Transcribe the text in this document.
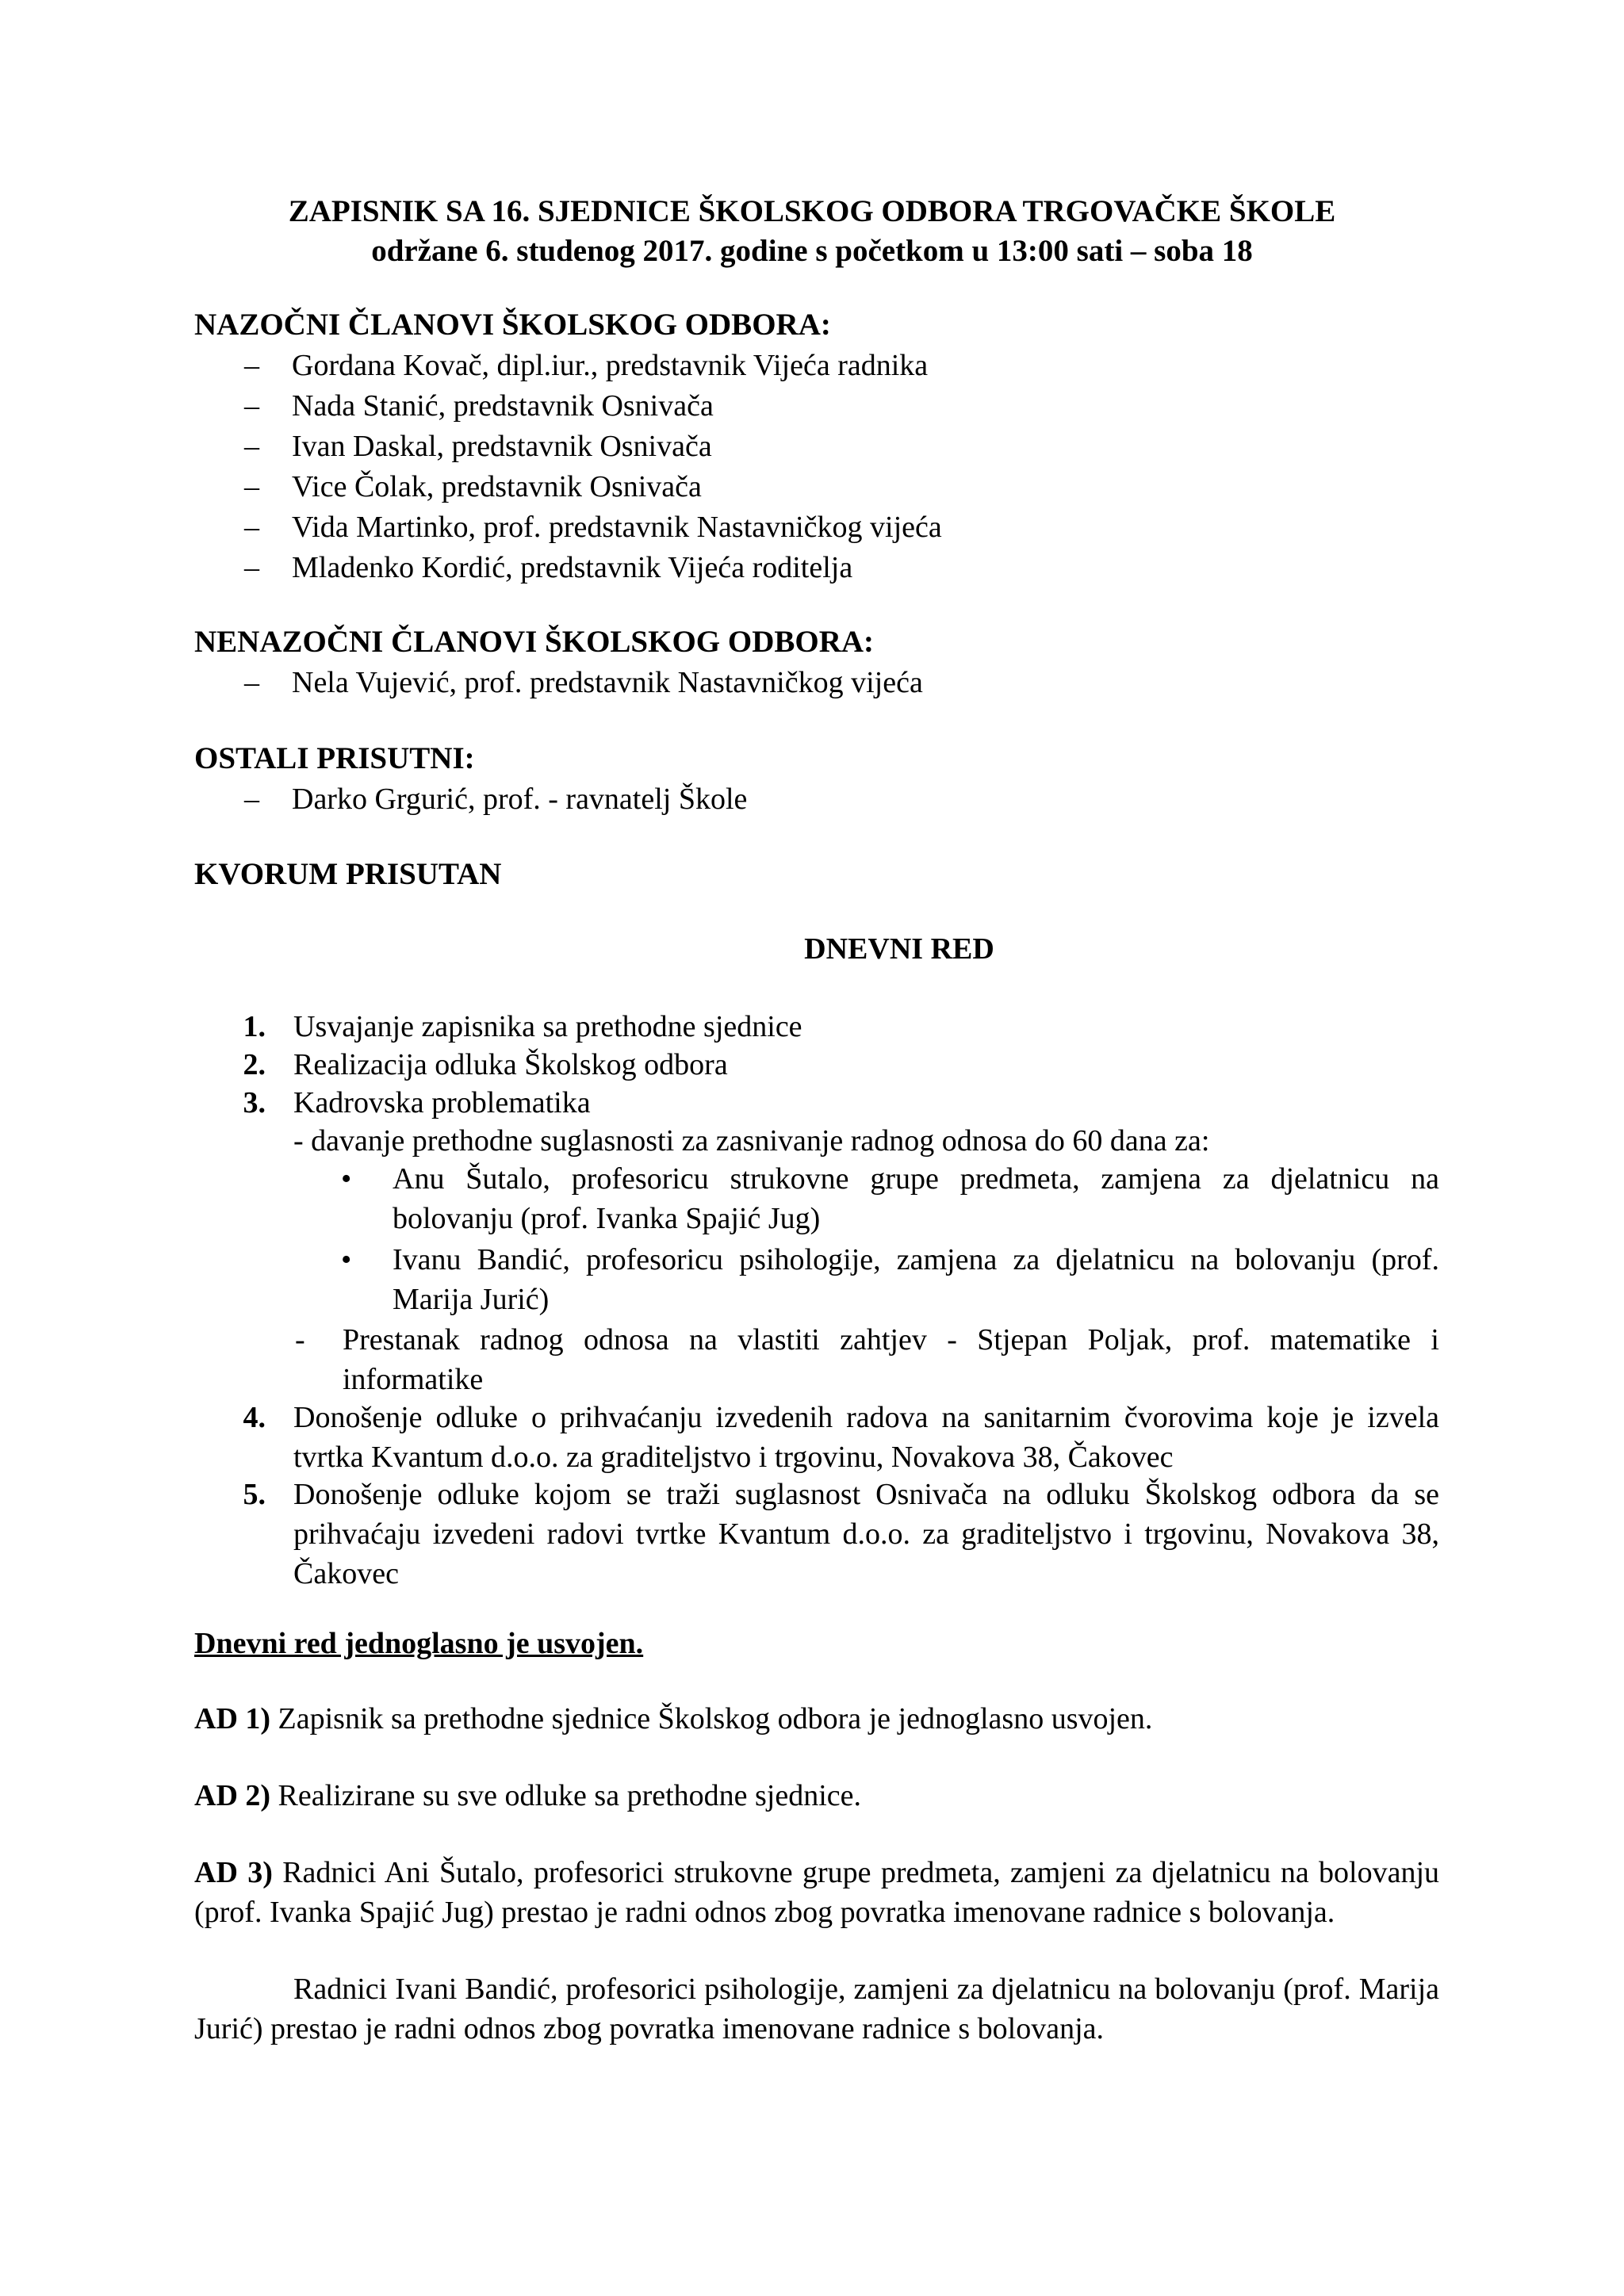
ZAPISNIK SA 16. SJEDNICE ŠKOLSKOG ODBORA TRGOVAČKE ŠKOLE
održane 6. studenog 2017. godine s početkom u 13:00 sati – soba 18
NAZOČNI ČLANOVI ŠKOLSKOG ODBORA:
– Gordana Kovač, dipl.iur., predstavnik Vijeća radnika
– Nada Stanić, predstavnik Osnivača
– Ivan Daskal, predstavnik Osnivača
– Vice Čolak, predstavnik Osnivača
– Vida Martinko, prof. predstavnik Nastavničkog vijeća
– Mladenko Kordić, predstavnik Vijeća roditelja
NENAZOČNI ČLANOVI ŠKOLSKOG ODBORA:
– Nela Vujević, prof. predstavnik Nastavničkog vijeća
OSTALI PRISUTNI:
– Darko Grgurić, prof. - ravnatelj Škole
KVORUM PRISUTAN
DNEVNI RED
1. Usvajanje zapisnika sa prethodne sjednice
2. Realizacija odluka Školskog odbora
3. Kadrovska problematika
- davanje prethodne suglasnosti za zasnivanje radnog odnosa do 60 dana za:
• Anu Šutalo, profesoricu strukovne grupe predmeta, zamjena za djelatnicu na bolovanju (prof. Ivanka Spajić Jug)
• Ivanu Bandić, profesoricu psihologije, zamjena za djelatnicu na bolovanju (prof. Marija Jurić)
- Prestanak radnog odnosa na vlastiti zahtjev - Stjepan Poljak, prof. matematike i informatike
4. Donošenje odluke o prihvaćanju izvedenih radova na sanitarnim čvorovima koje je izvela tvrtka Kvantum d.o.o. za graditeljstvo i trgovinu, Novakova 38, Čakovec
5. Donošenje odluke kojom se traži suglasnost Osnivača na odluku Školskog odbora da se prihvaćaju izvedeni radovi tvrtke Kvantum d.o.o. za graditeljstvo i trgovinu, Novakova 38, Čakovec
Dnevni red jednoglasno je usvojen.
AD 1) Zapisnik sa prethodne sjednice Školskog odbora je jednoglasno usvojen.
AD 2) Realizirane su sve odluke sa prethodne sjednice.
AD 3) Radnici Ani Šutalo, profesorici strukovne grupe predmeta, zamjeni za djelatnicu na bolovanju (prof. Ivanka Spajić Jug) prestao je radni odnos zbog povratka imenovane radnice s bolovanja.
Radnici Ivani Bandić, profesorici psihologije, zamjeni za djelatnicu na bolovanju (prof. Marija Jurić) prestao je radni odnos zbog povratka imenovane radnice s bolovanja.
